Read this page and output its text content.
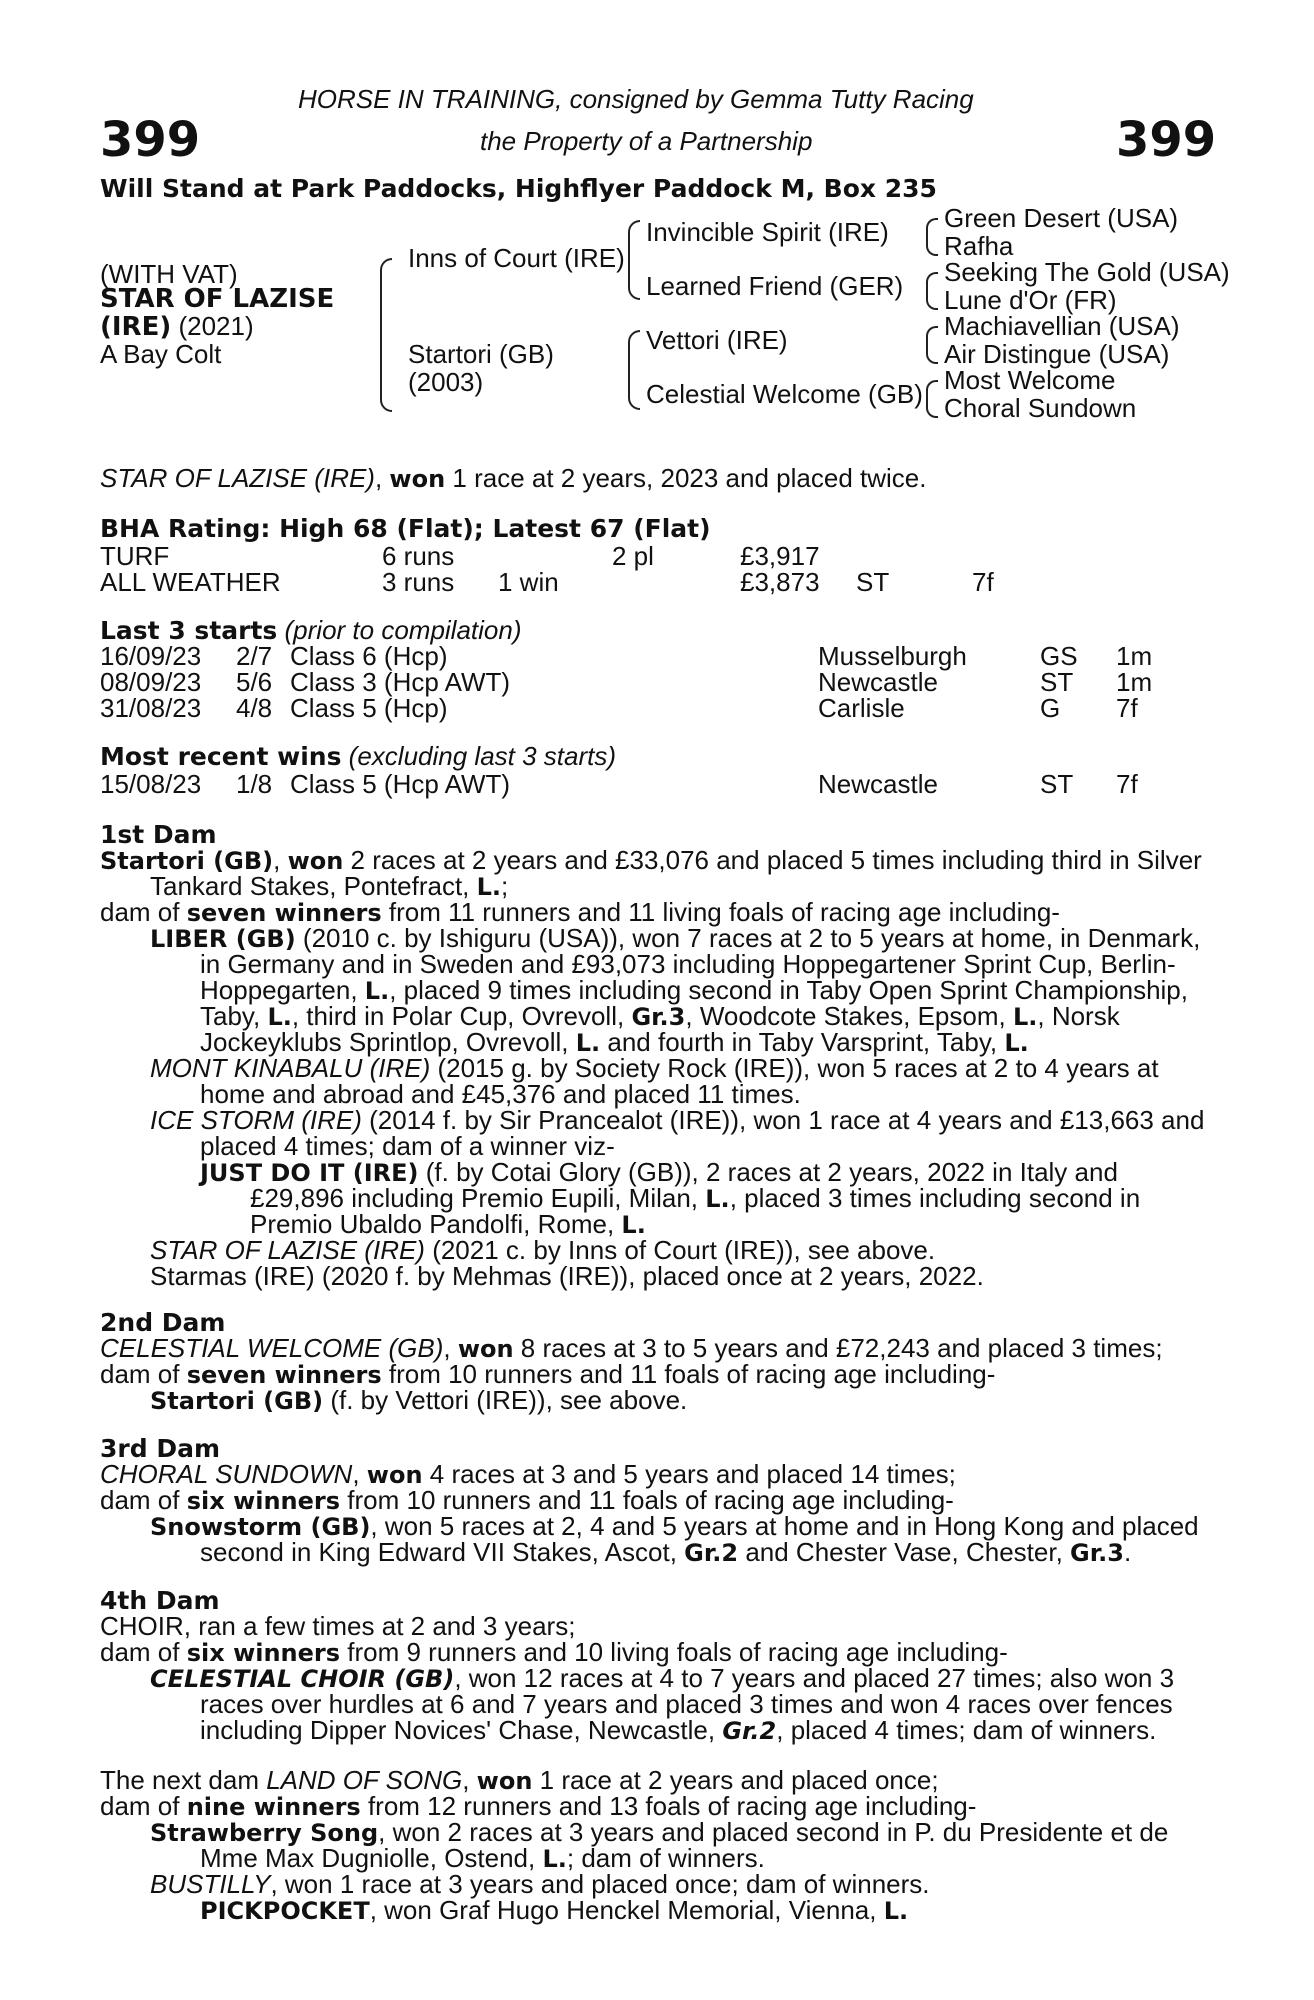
399	399
HORSE IN TRAINING, consigned by Gemma Tutty Racing
the Property of a Partnership
Will Stand at Park Paddocks, Highflyer Paddock M, Box 235
(WITH VAT)
STAR OF LAZISE
(IRE) (2021)
A Bay Colt
Inns of Court (IRE)
Startori (GB)
(2003)
Invincible Spirit (IRE)
Learned Friend (GER)
Vettori (IRE)
Celestial Welcome (GB)
Green Desert (USA)
Rafha
Seeking The Gold (USA)
Lune d'Or (FR)
Machiavellian (USA)
Air Distingue (USA)
Most Welcome
Choral Sundown
STAR OF LAZISE (IRE), won 1 race at 2 years, 2023 and placed twice.
BHA Rating: High 68 (Flat); Latest 67 (Flat)
TURF	6 runs	2 pl	£3,917
ALL WEATHER	3 runs 1 win	£3,873 ST	7f
Last 3 starts (prior to compilation)
16/09/23 2/7 Class 6 (Hcp)	Musselburgh	GS 1m
08/09/23 5/6 Class 3 (Hcp AWT)	Newcastle	ST 1m
31/08/23 4/8 Class 5 (Hcp)	Carlisle	G 7f
Most recent wins (excluding last 3 starts)
15/08/23 1/8 Class 5 (Hcp AWT)	Newcastle	ST 7f
1st Dam
Startori (GB), won 2 races at 2 years and £33,076 and placed 5 times including third in Silver
Tankard Stakes, Pontefract, L.;
dam of seven winners from 11 runners and 11 living foals of racing age including-
LIBER (GB) (2010 c. by Ishiguru (USA)), won 7 races at 2 to 5 years at home, in Denmark,
in Germany and in Sweden and £93,073 including Hoppegartener Sprint Cup, Berlin-
Hoppegarten, L., placed 9 times including second in Taby Open Sprint Championship,
Taby, L., third in Polar Cup, Ovrevoll, Gr.3, Woodcote Stakes, Epsom, L., Norsk
Jockeyklubs Sprintlop, Ovrevoll, L. and fourth in Taby Varsprint, Taby, L.
MONT KINABALU (IRE) (2015 g. by Society Rock (IRE)), won 5 races at 2 to 4 years at
home and abroad and £45,376 and placed 11 times.
ICE STORM (IRE) (2014 f. by Sir Prancealot (IRE)), won 1 race at 4 years and £13,663 and
placed 4 times; dam of a winner viz-
JUST DO IT (IRE) (f. by Cotai Glory (GB)), 2 races at 2 years, 2022 in Italy and
£29,896 including Premio Eupili, Milan, L., placed 3 times including second in
Premio Ubaldo Pandolfi, Rome, L.
STAR OF LAZISE (IRE) (2021 c. by Inns of Court (IRE)), see above.
Starmas (IRE) (2020 f. by Mehmas (IRE)), placed once at 2 years, 2022.
2nd Dam
CELESTIAL WELCOME (GB), won 8 races at 3 to 5 years and £72,243 and placed 3 times;
dam of seven winners from 10 runners and 11 foals of racing age including-
Startori (GB) (f. by Vettori (IRE)), see above.
3rd Dam
CHORAL SUNDOWN, won 4 races at 3 and 5 years and placed 14 times;
dam of six winners from 10 runners and 11 foals of racing age including-
Snowstorm (GB), won 5 races at 2, 4 and 5 years at home and in Hong Kong and placed
second in King Edward VII Stakes, Ascot, Gr.2 and Chester Vase, Chester, Gr.3.
4th Dam
CHOIR, ran a few times at 2 and 3 years;
dam of six winners from 9 runners and 10 living foals of racing age including-
CELESTIAL CHOIR (GB), won 12 races at 4 to 7 years and placed 27 times; also won 3
races over hurdles at 6 and 7 years and placed 3 times and won 4 races over fences
including Dipper Novices' Chase, Newcastle, Gr.2, placed 4 times; dam of winners.
The next dam LAND OF SONG, won 1 race at 2 years and placed once;
dam of nine winners from 12 runners and 13 foals of racing age including-
Strawberry Song, won 2 races at 3 years and placed second in P. du Presidente et de
Mme Max Dugniolle, Ostend, L.; dam of winners.
BUSTILLY, won 1 race at 3 years and placed once; dam of winners.
PICKPOCKET, won Graf Hugo Henckel Memorial, Vienna, L.
